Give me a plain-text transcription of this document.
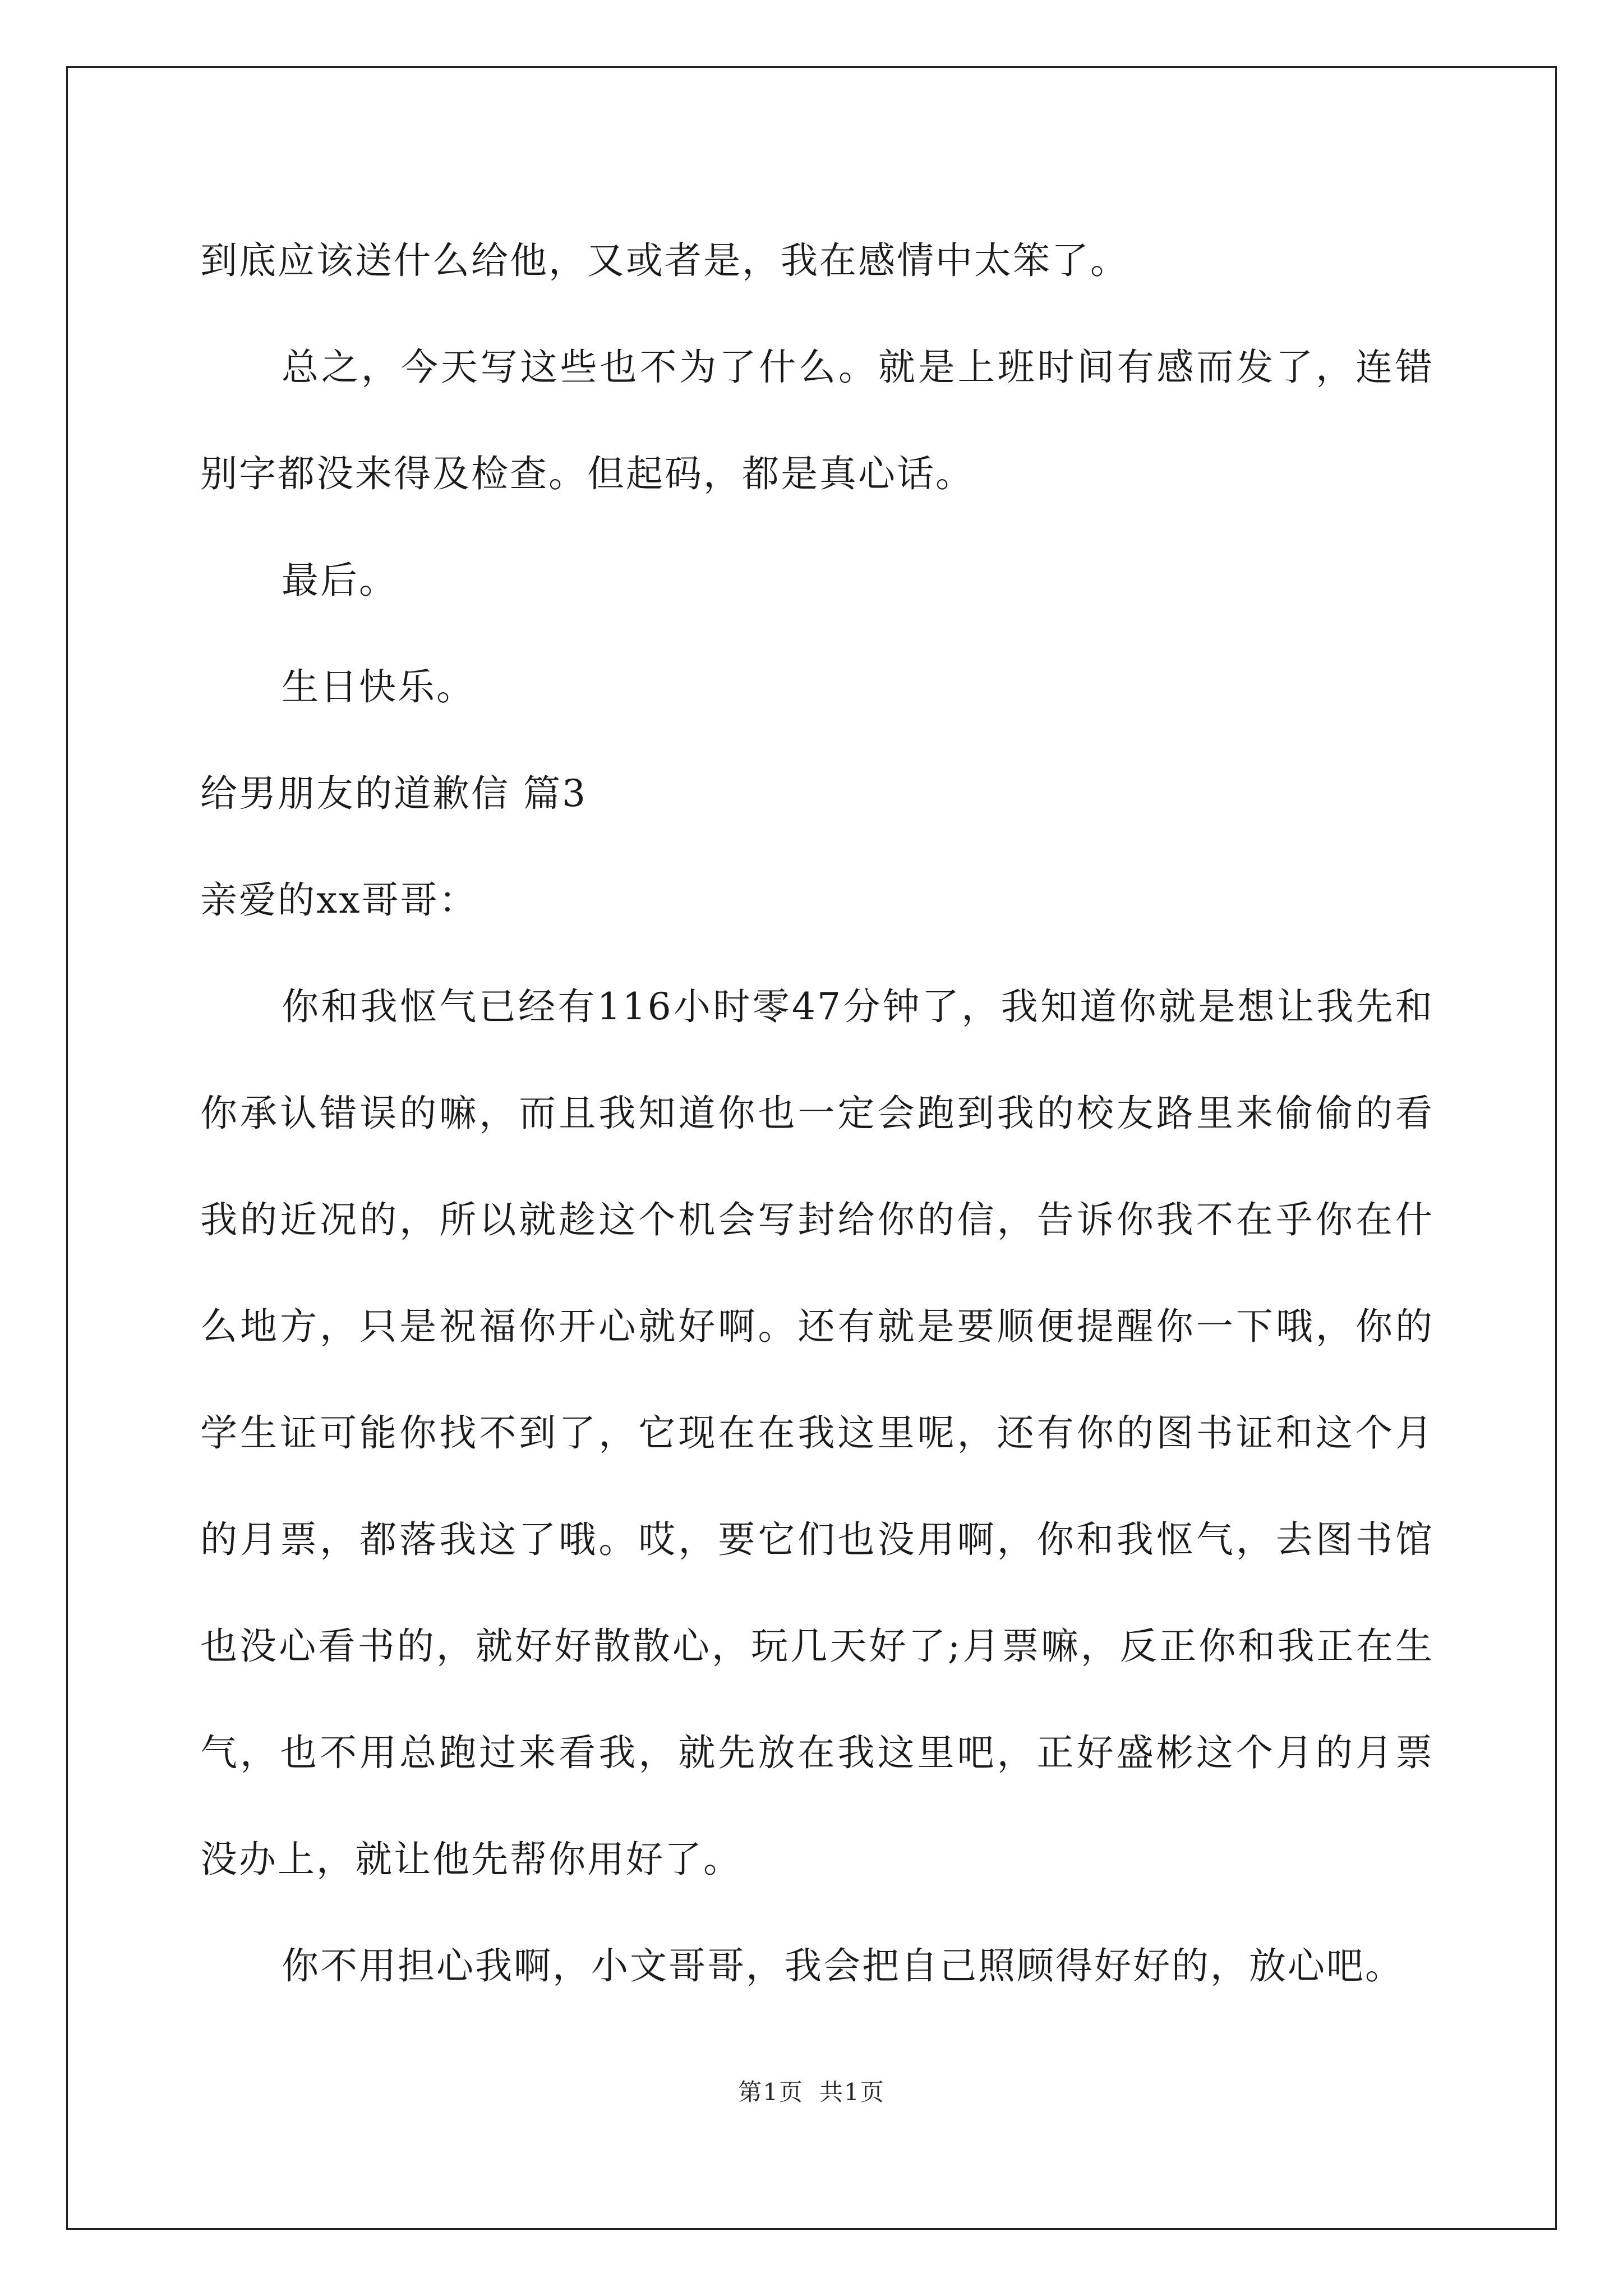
到底应该送什么给他，又或者是，我在感情中太笨了。

总之，今天写这些也不为了什么。就是上班时间有感而发了，连错别字都没来得及检查。但起码，都是真心话。

最后。

生日快乐。

给男朋友的道歉信 篇3

亲爱的xx哥哥：

你和我怄气已经有116小时零47分钟了，我知道你就是想让我先和你承认错误的嘛，而且我知道你也一定会跑到我的校友路里来偷偷的看我的近况的，所以就趁这个机会写封给你的信，告诉你我不在乎你在什么地方，只是祝福你开心就好啊。还有就是要顺便提醒你一下哦，你的学生证可能你找不到了，它现在在我这里呢，还有你的图书证和这个月的月票，都落我这了哦。哎，要它们也没用啊，你和我怄气，去图书馆也没心看书的，就好好散散心，玩几天好了;月票嘛，反正你和我正在生气，也不用总跑过来看我，就先放在我这里吧，正好盛彬这个月的月票没办上，就让他先帮你用好了。

你不用担心我啊，小文哥哥，我会把自己照顾得好好的，放心吧。

第1页 共1页
